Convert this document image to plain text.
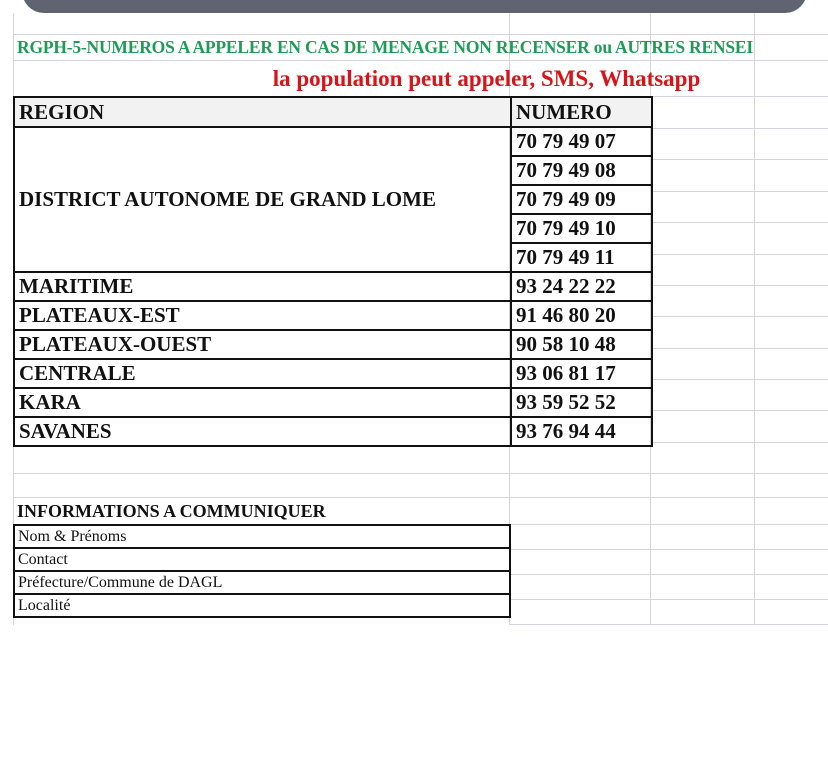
RGPH-5-NUMEROS A APPELER EN CAS DE MENAGE NON RECENSER ou AUTRES RENSEI
la population peut appeler, SMS, Whatsapp
REGION	NUMERO
DISTRICT AUTONOME DE GRAND LOME	70 79 49 07
	70 79 49 08
	70 79 49 09
	70 79 49 10
	70 79 49 11
MARITIME	93 24 22 22
PLATEAUX-EST	91 46 80 20
PLATEAUX-OUEST	90 58 10 48
CENTRALE	93 06 81 17
KARA	93 59 52 52
SAVANES	93 76 94 44
INFORMATIONS A COMMUNIQUER
Nom & Prénoms
Contact
Préfecture/Commune de DAGL
Localité
